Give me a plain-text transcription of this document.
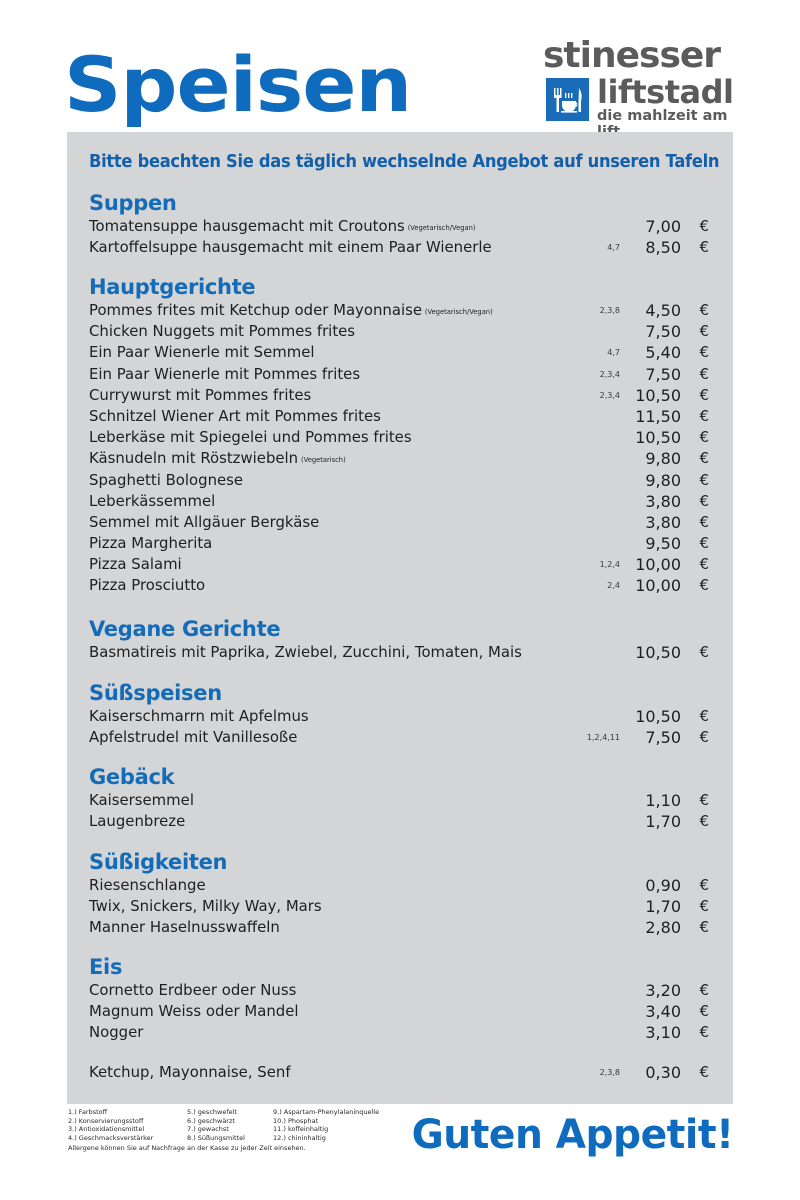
Speisen	stinesser
liftstadl
die mahlzeit am
Bitte beachten Sie das täglich wechselnde Angebot auf unseren Tafeln
Suppen
Tomatensuppe hausgemacht mit Croutons (Vegetarisch/Vegan)	7,00 €
Kartoffelsuppe hausgemacht mit einem Paar Wienerle	4,7 8,50 €
Hauptgerichte
Pommes frites mit Ketchup oder Mayonnaise (Vegetarisch/Vegan)	2,3,8 4,50 €
Chicken Nuggets mit Pommes frites	7,50 €
Ein Paar Wienerle mit Semmel	4,7 5,40 €
Ein Paar Wienerle mit Pommes frites	2,3,4 7,50 €
Currywurst mit Pommes frites	2,3,4 10,50 €
Schnitzel Wiener Art mit Pommes frites	11,50 €
Leberkäse mit Spiegelei und Pommes frites	10,50 €
Käsnudeln mit Röstzwiebeln (Vegetarisch)	9,80 €
Spaghetti Bolognese	9,80 €
Leberkässemmel	3,80 €
Semmel mit Allgäuer Bergkäse	3,80 €
Pizza Margherita	9,50 €
Pizza Salami	1,2,4 10,00 €
Pizza Prosciutto	2,4 10,00 €
Vegane Gerichte
Basmatireis mit Paprika, Zwiebel, Zucchini, Tomaten, Mais	10,50 €
Süßspeisen
Kaiserschmarrn mit Apfelmus	10,50 €
Apfelstrudel mit Vanillesoße	1,2,4,11 7,50 €
Gebäck
Kaisersemmel	1,10 €
Laugenbreze	1,70 €
Süßigkeiten
Riesenschlange	0,90 €
Twix, Snickers, Milky Way, Mars	1,70 €
Manner Haselnusswaffeln	2,80 €
Eis
Cornetto Erdbeer oder Nuss	3,20 €
Magnum Weiss oder Mandel	3,40 €
Nogger	3,10 €
Ketchup, Mayonnaise, Senf	2,3,8 0,30 €
1.) Farbstoff
2.) Konservierungsstoff
3.) Antioxidationsmittel
4.) Geschmacksverstärker
5.) geschwefelt
6.) geschwärzt
7.) gewachst
8.) Süßungsmittel
9.) Aspartam-Phenylalaninquelle
10.) Phosphat
11.) koffeinhaltig
12.) chininhaltig
Allergene können Sie auf Nachfrage an der Kasse zu jeder Zeit einsehen.	Guten Appetit!
